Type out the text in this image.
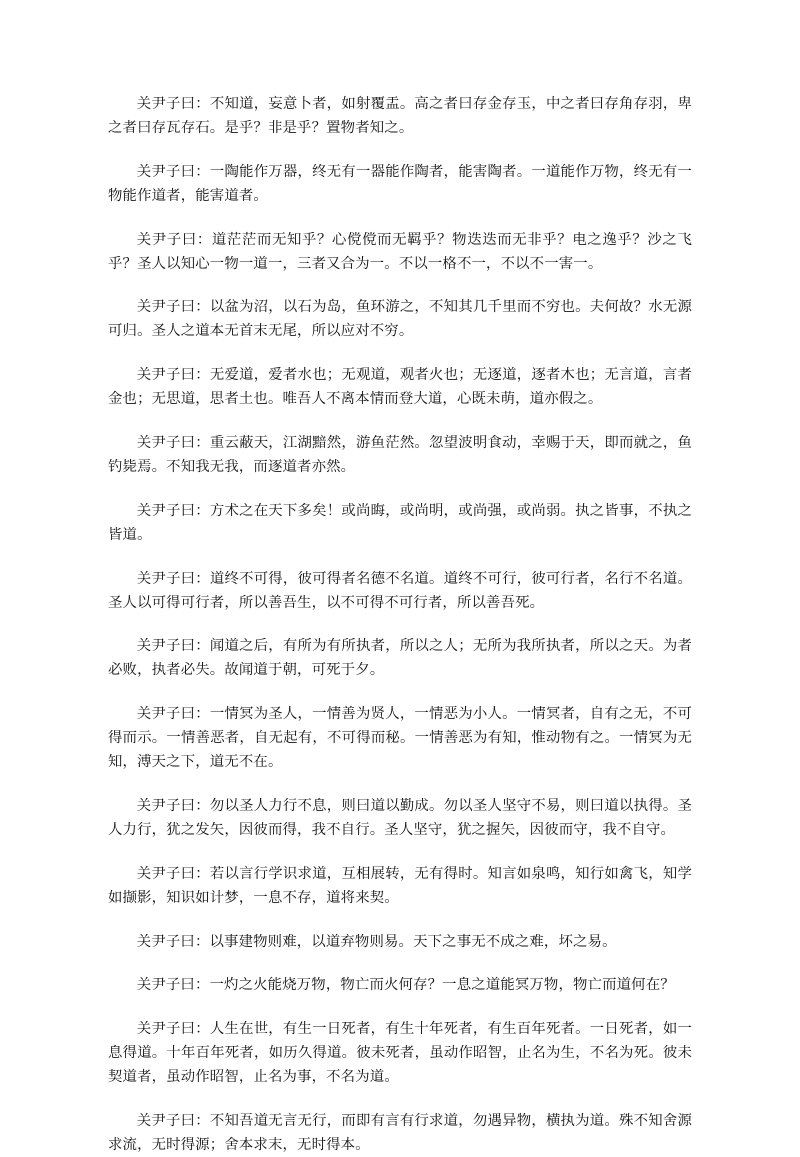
关尹子曰：不知道，妄意卜者，如射覆盂。高之者曰存金存玉，中之者曰存角存羽，卑之者曰存瓦存石。是乎？非是乎？置物者知之。

关尹子曰：一陶能作万器，终无有一器能作陶者，能害陶者。一道能作万物，终无有一物能作道者，能害道者。

关尹子曰：道茫茫而无知乎？心傥傥而无羁乎？物迭迭而无非乎？电之逸乎？沙之飞乎？圣人以知心一物一道一，三者又合为一。不以一格不一，不以不一害一。

关尹子曰：以盆为沼，以石为岛，鱼环游之，不知其几千里而不穷也。夫何故？水无源可归。圣人之道本无首末无尾，所以应对不穷。

关尹子曰：无爱道，爱者水也；无观道，观者火也；无逐道，逐者木也；无言道，言者金也；无思道，思者土也。唯吾人不离本情而登大道，心既未萌，道亦假之。

关尹子曰：重云蔽天，江湖黯然，游鱼茫然。忽望波明食动，幸赐于天，即而就之，鱼钓毙焉。不知我无我，而逐道者亦然。

关尹子曰：方术之在天下多矣！或尚晦，或尚明，或尚强，或尚弱。执之皆事，不执之皆道。

关尹子曰：道终不可得，彼可得者名德不名道。道终不可行，彼可行者，名行不名道。圣人以可得可行者，所以善吾生，以不可得不可行者，所以善吾死。

关尹子曰：闻道之后，有所为有所执者，所以之人；无所为我所执者，所以之天。为者必败，执者必失。故闻道于朝，可死于夕。

关尹子曰：一情冥为圣人，一情善为贤人，一情恶为小人。一情冥者，自有之无，不可得而示。一情善恶者，自无起有，不可得而秘。一情善恶为有知，惟动物有之。一情冥为无知，溥天之下，道无不在。

关尹子曰：勿以圣人力行不息，则曰道以勤成。勿以圣人坚守不易，则曰道以执得。圣人力行，犹之发矢，因彼而得，我不自行。圣人坚守，犹之握矢，因彼而守，我不自守。

关尹子曰：若以言行学识求道，互相展转，无有得时。知言如泉鸣，知行如禽飞，知学如撷影，知识如计梦，一息不存，道将来契。

关尹子曰：以事建物则难，以道弃物则易。天下之事无不成之难，坏之易。

关尹子曰：一灼之火能烧万物，物亡而火何存？一息之道能冥万物，物亡而道何在？

关尹子曰：人生在世，有生一日死者，有生十年死者，有生百年死者。一日死者，如一息得道。十年百年死者，如历久得道。彼未死者，虽动作昭智，止名为生，不名为死。彼未契道者，虽动作昭智，止名为事，不名为道。

关尹子曰：不知吾道无言无行，而即有言有行求道，勿遇异物，横执为道。殊不知舍源求流，无时得源；舍本求末，无时得本。
